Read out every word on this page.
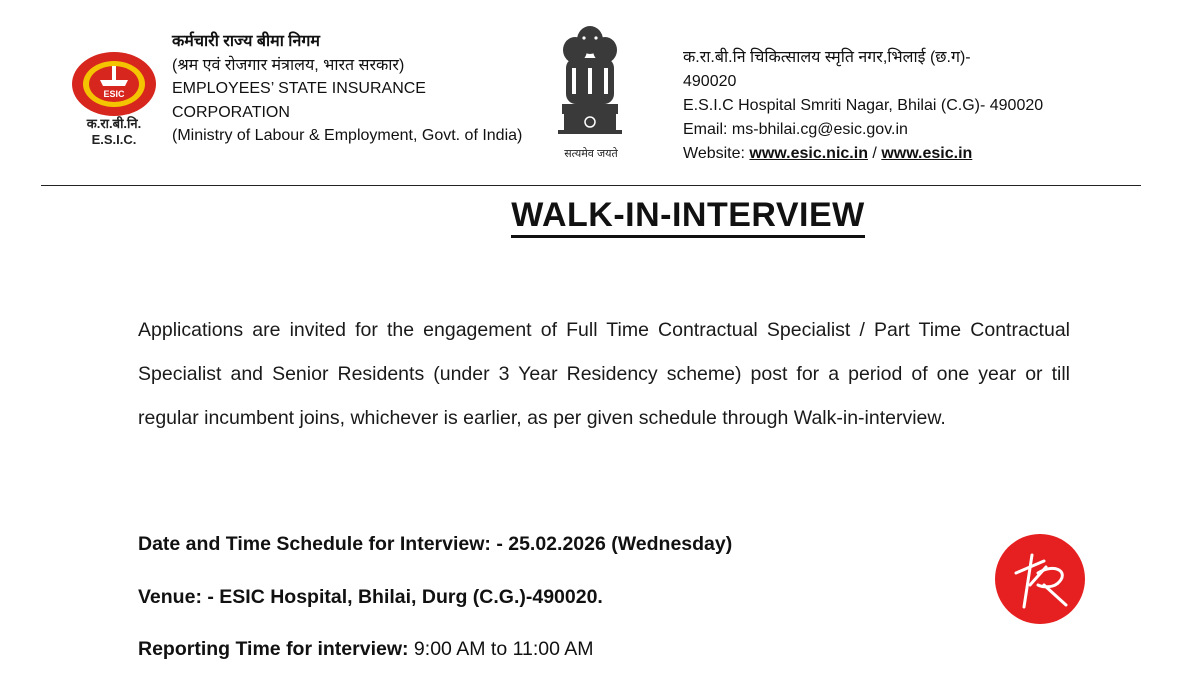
ESIC
क.रा.बी.नि.
E.S.I.C.
कर्मचारी राज्य बीमा निगम
(श्रम एवं रोजगार मंत्रालय, भारत सरकार)
EMPLOYEES’ STATE INSURANCE
CORPORATION
(Ministry of Labour & Employment, Govt. of India)
सत्यमेव जयते
क.रा.बी.नि चिकित्सालय स्मृति नगर,भिलाई (छ.ग)-
490020
E.S.I.C Hospital Smriti Nagar, Bhilai (C.G)- 490020
Email: ms-bhilai.cg@esic.gov.in
Website: www.esic.nic.in / www.esic.in
WALK-IN-INTERVIEW

Applications are invited for the engagement of Full Time Contractual Specialist / Part Time Contractual Specialist and Senior Residents (under 3 Year Residency scheme) post for a period of one year or till regular incumbent joins, whichever is earlier, as per given schedule through Walk-in-interview.

Date and Time Schedule for Interview: - 25.02.2026 (Wednesday)
Venue: - ESIC Hospital, Bhilai, Durg (C.G.)-490020.
Reporting Time for interview: 9:00 AM to 11:00 AM
